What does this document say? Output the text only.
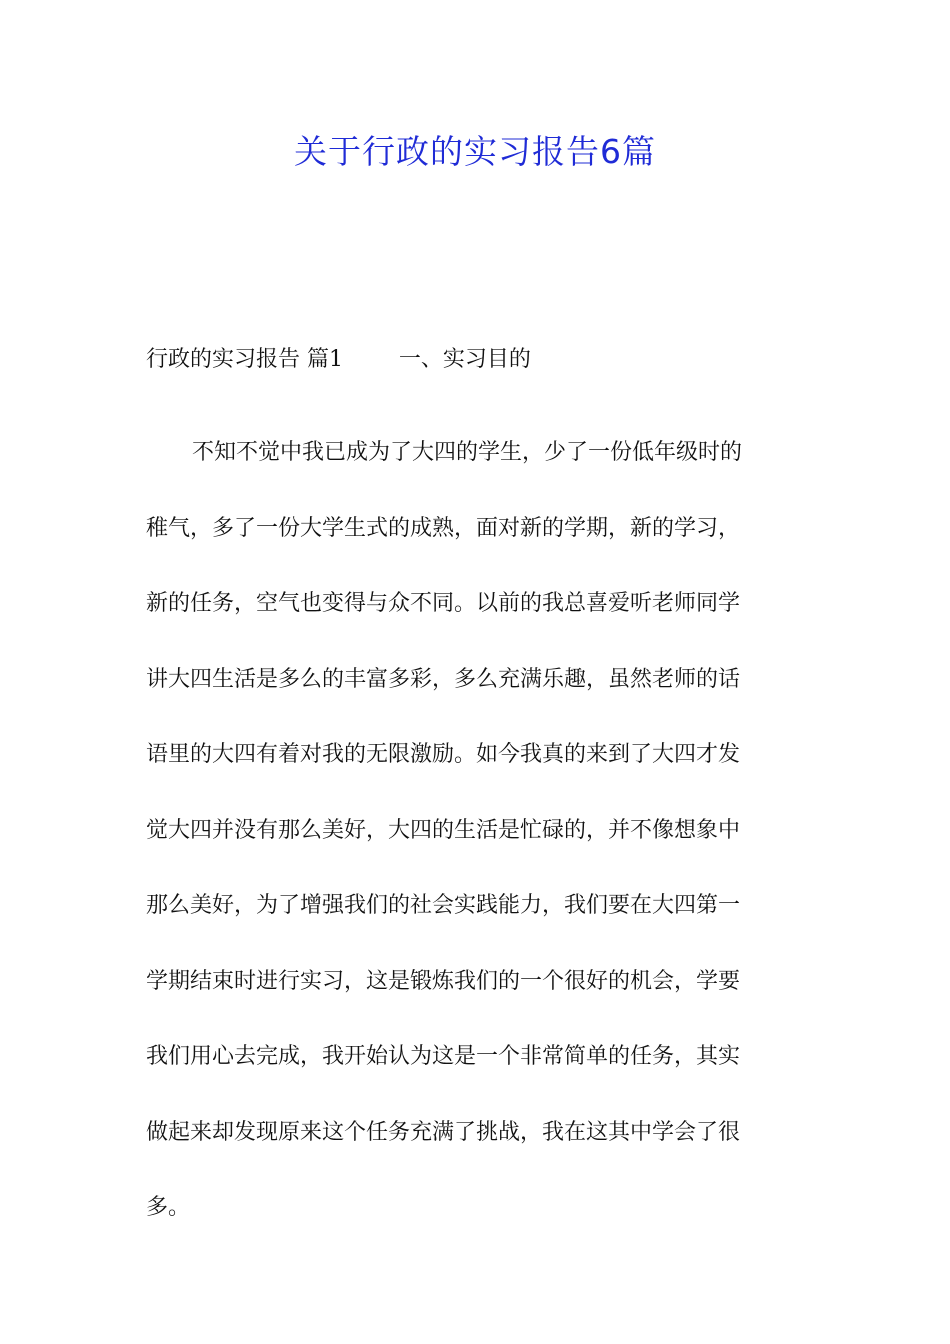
关于行政的实习报告6篇

行政的实习报告 篇1        一、实习目的

不知不觉中我已成为了大四的学生，少了一份低年级时的
稚气，多了一份大学生式的成熟，面对新的学期，新的学习，
新的任务，空气也变得与众不同。以前的我总喜爱听老师同学
讲大四生活是多么的丰富多彩，多么充满乐趣，虽然老师的话
语里的大四有着对我的无限激励。如今我真的来到了大四才发
觉大四并没有那么美好，大四的生活是忙碌的，并不像想象中
那么美好，为了增强我们的社会实践能力，我们要在大四第一
学期结束时进行实习，这是锻炼我们的一个很好的机会，学要
我们用心去完成，我开始认为这是一个非常简单的任务，其实
做起来却发现原来这个任务充满了挑战，我在这其中学会了很
多。
